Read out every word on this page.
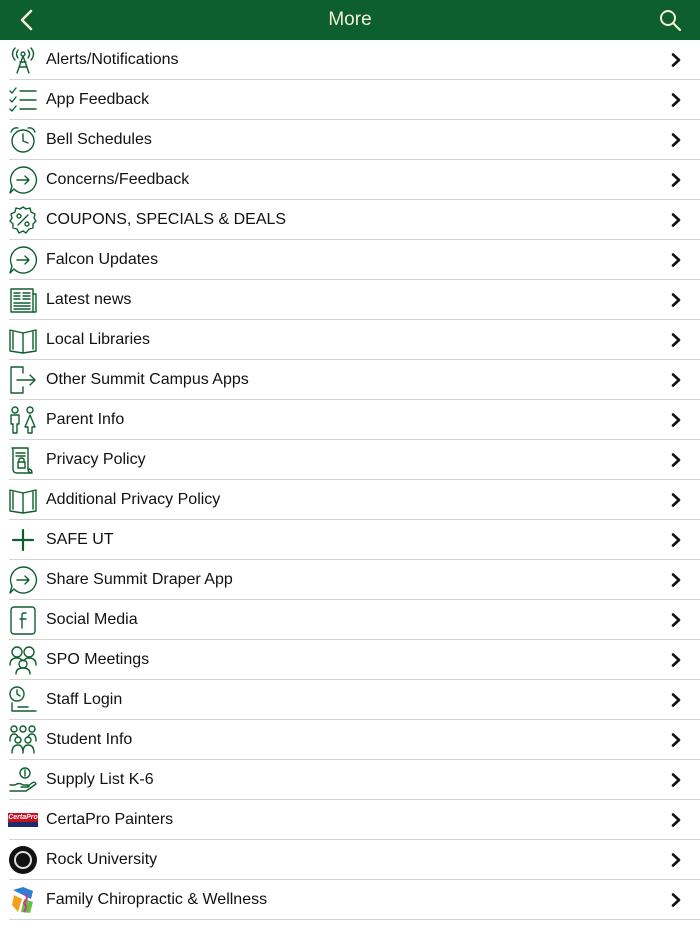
More
Alerts/Notifications
App Feedback
Bell Schedules
Concerns/Feedback
COUPONS, SPECIALS & DEALS
Falcon Updates
Latest news
Local Libraries
Other Summit Campus Apps
Parent Info
Privacy Policy
Additional Privacy Policy
SAFE UT
Share Summit Draper App
Social Media
SPO Meetings
Staff Login
Student Info
Supply List K-6
CertaPro CertaPro Painters
Rock University
Family Chiropractic & Wellness
